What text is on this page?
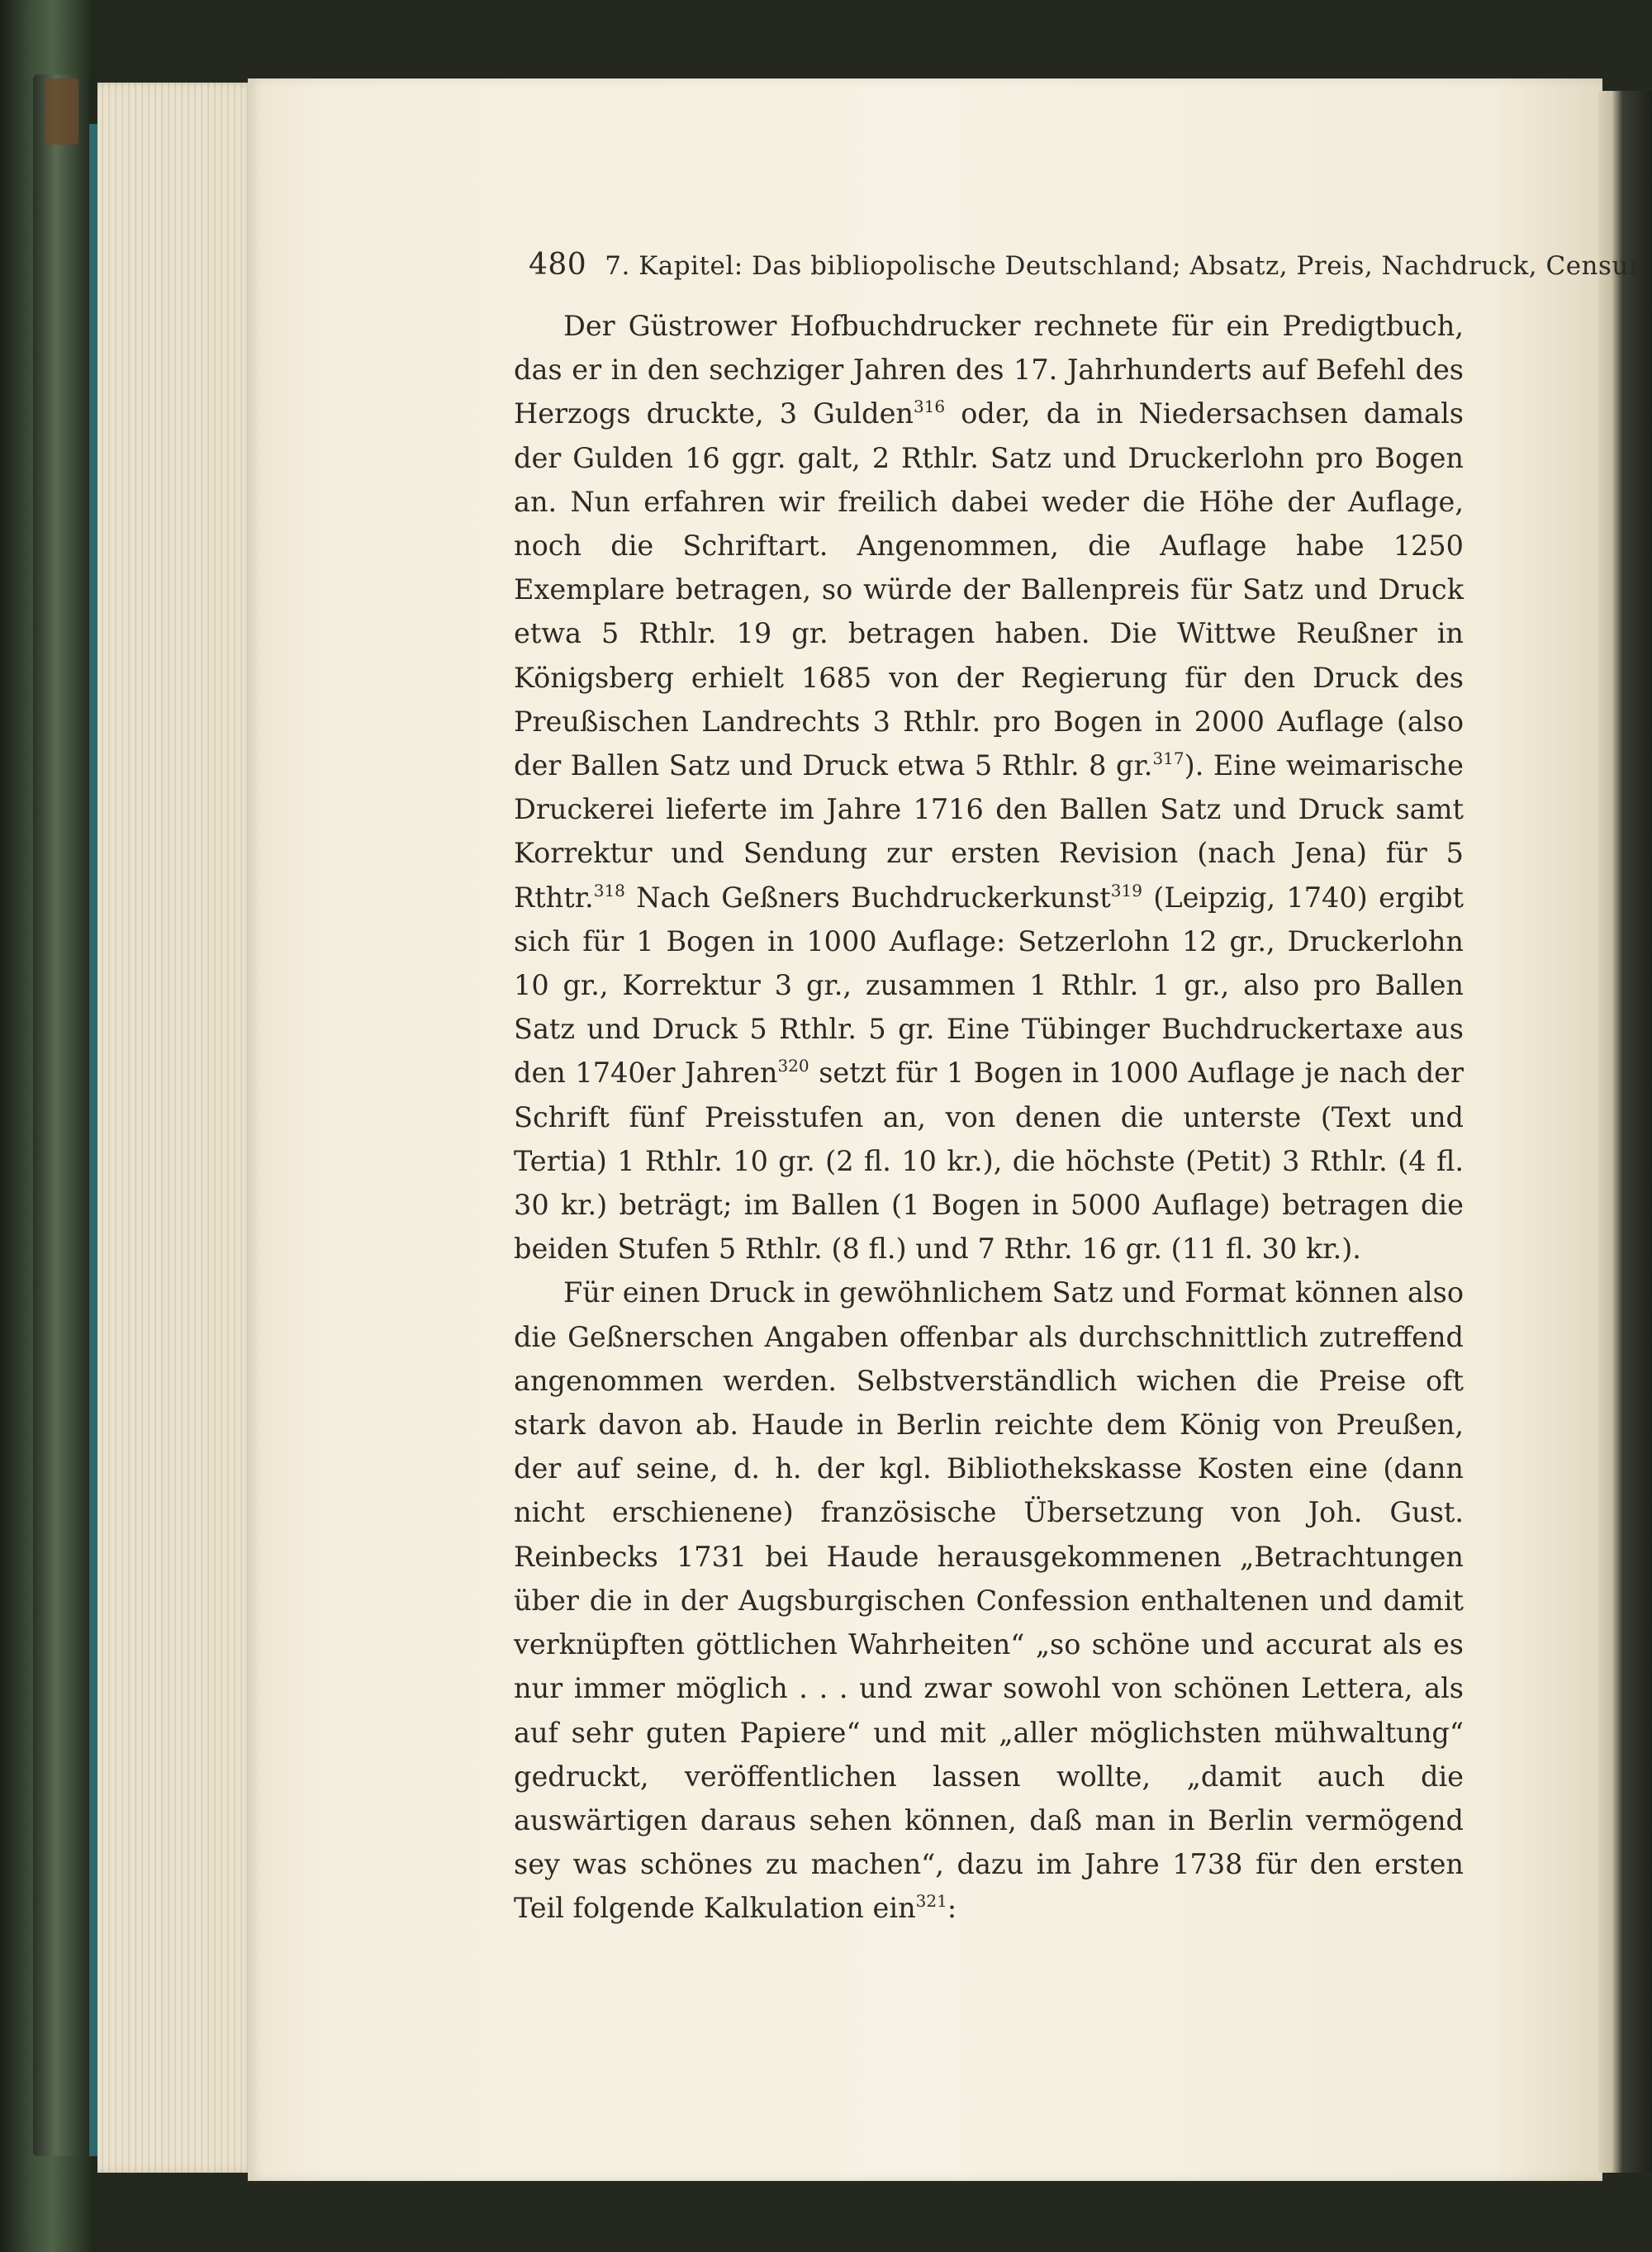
480 7. Kapitel: Das bibliopolische Deutschland; Absatz, Preis, Nachdruck, Censur.

Der Güstrower Hofbuchdrucker rechnete für ein Predigtbuch, das er in den sechziger Jahren des 17. Jahrhunderts auf Befehl des Herzogs druckte, 3 Gulden$^{316}$ oder, da in Niedersachsen damals der Gulden 16 ggr. galt, 2 Rthlr. Satz und Druckerlohn pro Bogen an. Nun erfahren wir freilich dabei weder die Höhe der Auflage, noch die Schriftart. Angenommen, die Auflage habe 1250 Exemplare betragen, so würde der Ballenpreis für Satz und Druck etwa 5 Rthlr. 19 gr. betragen haben. Die Wittwe Reußner in Königsberg erhielt 1685 von der Regierung für den Druck des Preußischen Landrechts 3 Rthlr. pro Bogen in 2000 Auflage (also der Ballen Satz und Druck etwa 5 Rthlr. 8 gr.$^{317}$). Eine weimarische Druckerei lieferte im Jahre 1716 den Ballen Satz und Druck samt Korrektur und Sendung zur ersten Revision (nach Jena) für 5 Rthtr.$^{318}$ Nach Geßners Buchdruckerkunst$^{319}$ (Leipzig, 1740) ergibt sich für 1 Bogen in 1000 Auflage: Setzerlohn 12 gr., Druckerlohn 10 gr., Korrektur 3 gr., zusammen 1 Rthlr. 1 gr., also pro Ballen Satz und Druck 5 Rthlr. 5 gr. Eine Tübinger Buchdruckertaxe aus den 1740er Jahren$^{320}$ setzt für 1 Bogen in 1000 Auflage je nach der Schrift fünf Preisstufen an, von denen die unterste (Text und Tertia) 1 Rthlr. 10 gr. (2 fl. 10 kr.), die höchste (Petit) 3 Rthlr. (4 fl. 30 kr.) beträgt; im Ballen (1 Bogen in 5000 Auflage) betragen die beiden Stufen 5 Rthlr. (8 fl.) und 7 Rthr. 16 gr. (11 fl. 30 kr.).

Für einen Druck in gewöhnlichem Satz und Format können also die Geßnerschen Angaben offenbar als durchschnittlich zutreffend angenommen werden. Selbstverständlich wichen die Preise oft stark davon ab. Haude in Berlin reichte dem König von Preußen, der auf seine, d. h. der kgl. Bibliothekskasse Kosten eine (dann nicht erschienene) französische Übersetzung von Joh. Gust. Reinbecks 1731 bei Haude herausgekommenen „Betrachtungen über die in der Augsburgischen Confession enthaltenen und damit verknüpften göttlichen Wahrheiten“ „so schöne und accurat als es nur immer möglich . . . und zwar sowohl von schönen Lettera, als auf sehr guten Papiere“ und mit „aller möglichsten mühwaltung“ gedruckt, veröffentlichen lassen wollte, „damit auch die auswärtigen daraus sehen können, daß man in Berlin vermögend sey was schönes zu machen“, dazu im Jahre 1738 für den ersten Teil folgende Kalkulation ein$^{321}$:
